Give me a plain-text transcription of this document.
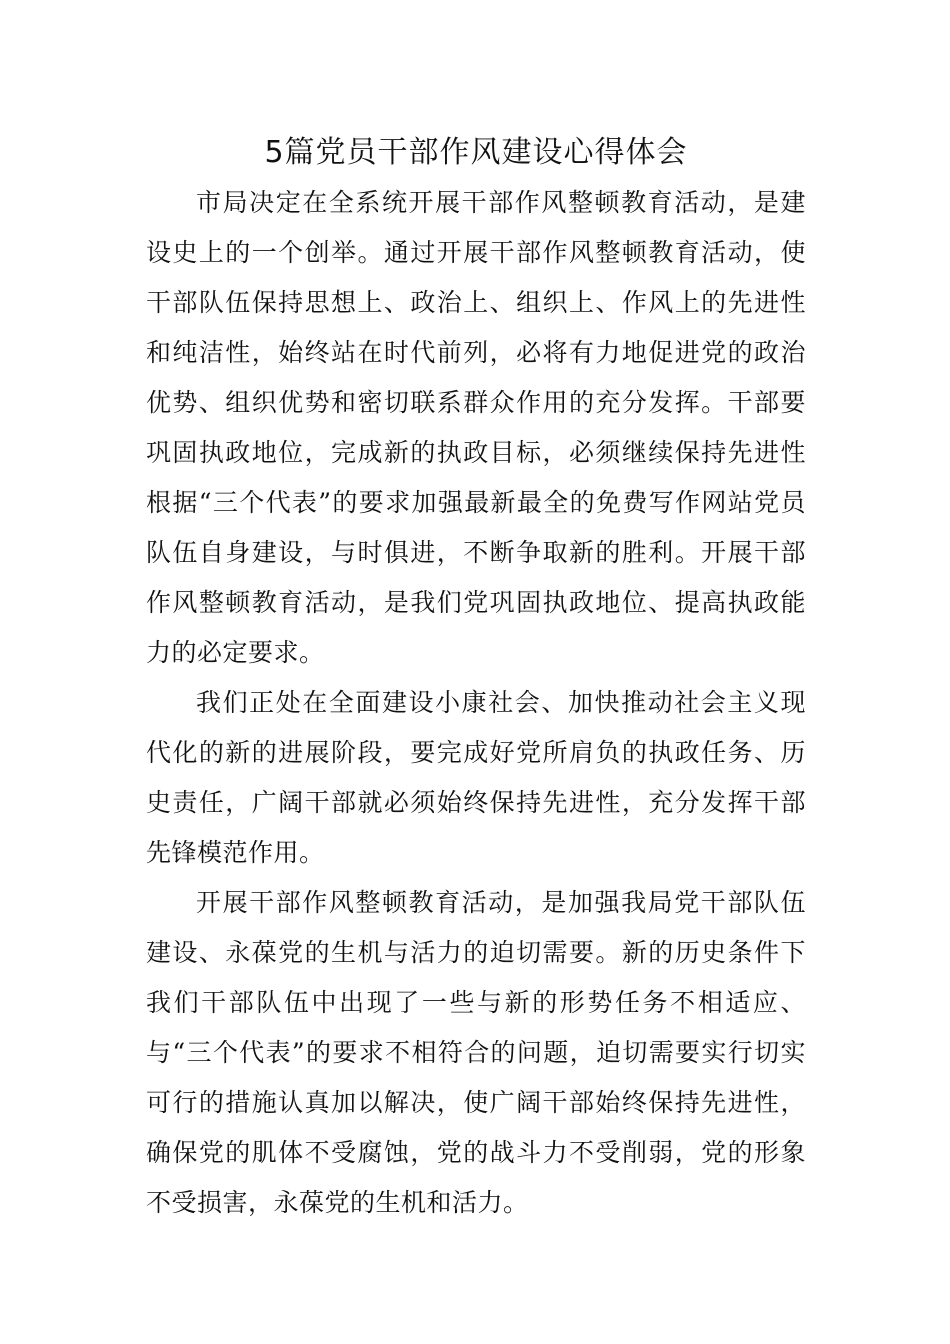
5篇党员干部作风建设心得体会

市局决定在全系统开展干部作风整顿教育活动，是建设史上的一个创举。通过开展干部作风整顿教育活动，使干部队伍保持思想上、政治上、组织上、作风上的先进性和纯洁性，始终站在时代前列，必将有力地促进党的政治优势、组织优势和密切联系群众作用的充分发挥。干部要巩固执政地位，完成新的执政目标，必须继续保持先进性根据“三个代表”的要求加强最新最全的免费写作网站党员队伍自身建设，与时俱进，不断争取新的胜利。开展干部作风整顿教育活动，是我们党巩固执政地位、提高执政能力的必定要求。

我们正处在全面建设小康社会、加快推动社会主义现代化的新的进展阶段，要完成好党所肩负的执政任务、历史责任，广阔干部就必须始终保持先进性，充分发挥干部先锋模范作用。

开展干部作风整顿教育活动，是加强我局党干部队伍建设、永葆党的生机与活力的迫切需要。新的历史条件下我们干部队伍中出现了一些与新的形势任务不相适应、与“三个代表”的要求不相符合的问题，迫切需要实行切实可行的措施认真加以解决，使广阔干部始终保持先进性，确保党的肌体不受腐蚀，党的战斗力不受削弱，党的形象不受损害，永葆党的生机和活力。
